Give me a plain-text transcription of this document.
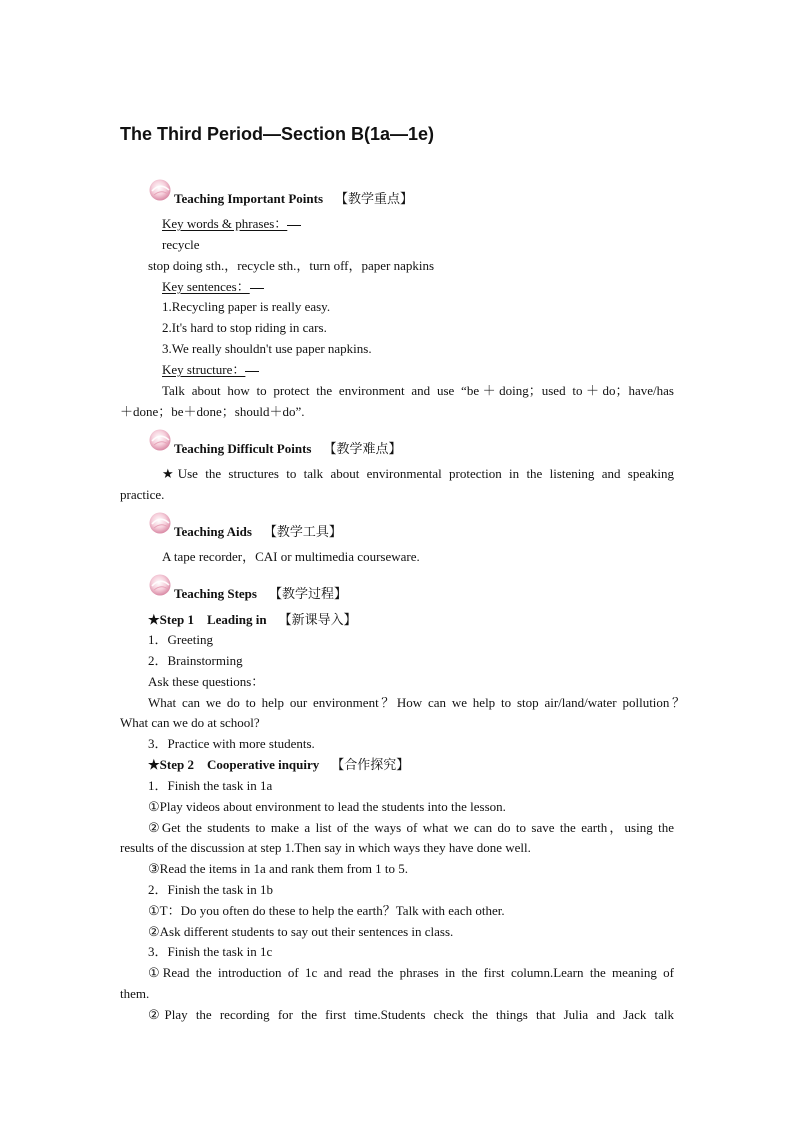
The Third Period—Section B(1a—1e)
Teaching Important Points 【教学重点】
Key words & phrases：
recycle
stop doing sth.，recycle sth.，turn off，paper napkins
Key sentences：
1.Recycling paper is really easy.
2.It's hard to stop riding in cars.
3.We really shouldn't use paper napkins.
Key structure：
Talk about how to protect the environment and use “be＋doing；used to＋do；have/has
＋done；be＋done；should＋do”.
Teaching Difficult Points 【教学难点】
★Use the structures to talk about environmental protection in the listening and speaking
practice.
Teaching Aids 【教学工具】
A tape recorder，CAI or multimedia courseware.
Teaching Steps 【教学过程】
★Step 1    Leading in 【新课导入】
1．Greeting
2．Brainstorming
Ask these questions：
What can we do to help our environment？How can we help to stop air/land/water pollution？
What can we do at school?
3．Practice with more students.
★Step 2    Cooperative inquiry 【合作探究】
1．Finish the task in 1a
①Play videos about environment to lead the students into the lesson.
②Get the students to make a list of the ways of what we can do to save the earth，using the
results of the discussion at step 1.Then say in which ways they have done well.
③Read the items in 1a and rank them from 1 to 5.
2．Finish the task in 1b
①T：Do you often do these to help the earth？Talk with each other.
②Ask different students to say out their sentences in class.
3．Finish the task in 1c
①Read the introduction of 1c and read the phrases in the first column.Learn the meaning of
them.
②Play the recording for the first time.Students check the things that Julia and Jack talk
